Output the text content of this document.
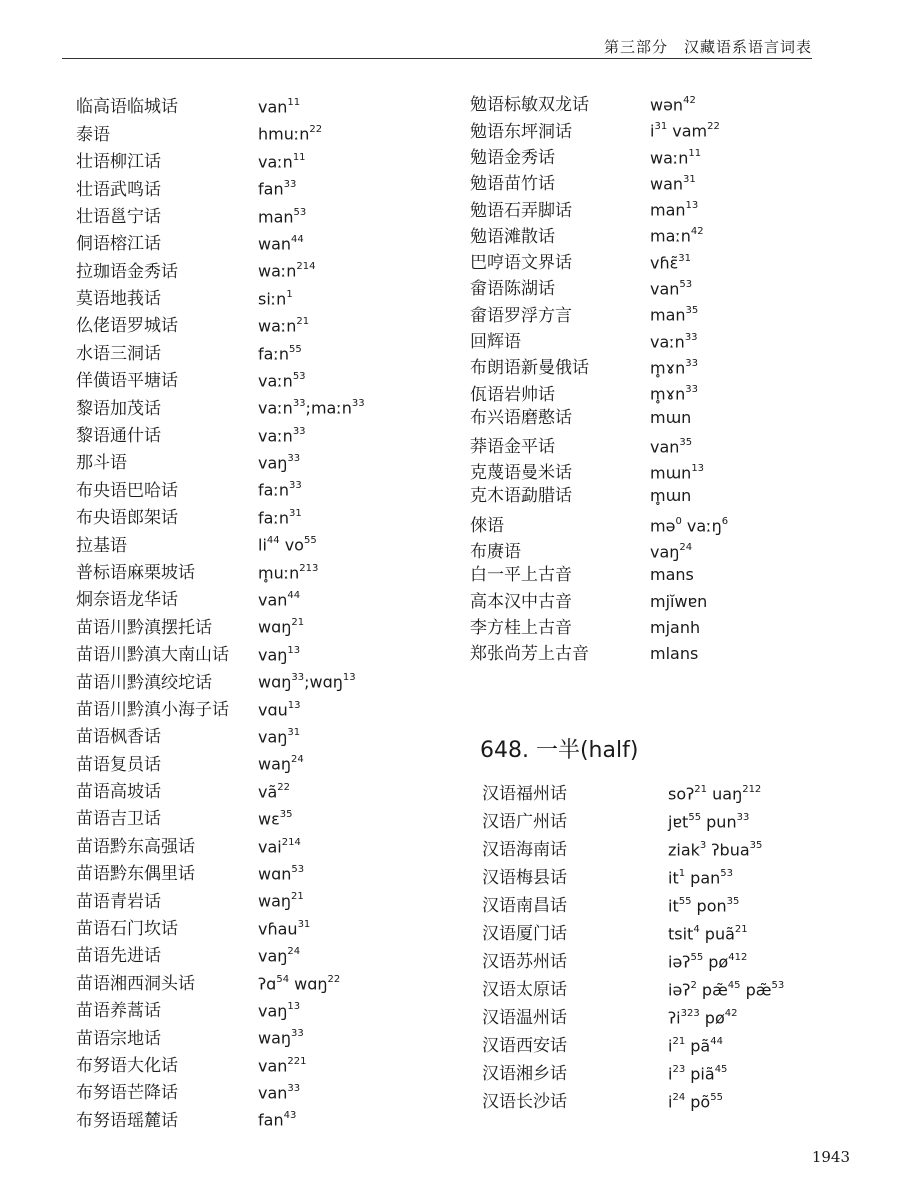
第三部分　汉藏语系语言词表
临高语临城话	van$^{11}$
泰语	hmuːn$^{22}$
壮语柳江话	vaːn$^{11}$
壮语武鸣话	fan$^{33}$
壮语邕宁话	man$^{53}$
侗语榕江话	wan$^{44}$
拉珈语金秀话	waːn$^{214}$
莫语地莪话	siːn$^1$
仫佬语罗城话	waːn$^{21}$
水语三洞话	faːn$^{55}$
佯僙语平塘话	vaːn$^{53}$
黎语加茂话	vaːn$^{33}$;maːn$^{33}$
黎语通什话	vaːn$^{33}$
那斗语	vaŋ$^{33}$
布央语巴哈话	faːn$^{33}$
布央语郎架话	faːn$^{31}$
拉基语	$li^{44}$ $vo^{55}$
普标语麻栗坡话	m̥uːn$^{213}$
炯奈语龙华话	van$^{44}$
苗语川黔滇摆托话	wɑŋ$^{21}$
苗语川黔滇大南山话	vaŋ$^{13}$
苗语川黔滇绞坨话	wɑŋ$^{33}$;wɑŋ$^{13}$
苗语川黔滇小海子话	vɑu$^{13}$
苗语枫香话	vaŋ$^{31}$
苗语复员话	waŋ$^{24}$
苗语高坡话	$vã^{22}$
苗语吉卫话	wɛ$^{35}$
苗语黔东高强话	vai$^{214}$
苗语黔东偶里话	wɑn$^{53}$
苗语青岩话	waŋ$^{21}$
苗语石门坎话	vɦau$^{31}$
苗语先进话	vaŋ$^{24}$
苗语湘西洞头话	ʔɑ$^{54}$ wɑŋ$^{22}$
苗语养蒿话	vaŋ$^{13}$
苗语宗地话	waŋ$^{33}$
布努语大化话	van$^{221}$
布努语芒降话	van$^{33}$
布努语瑶麓话	fan$^{43}$
勉语标敏双龙话	wən$^{42}$
勉语东坪洞话	$i^{31}$ vam$^{22}$
勉语金秀话	waːn$^{11}$
勉语苗竹话	wan$^{31}$
勉语石弄脚话	man$^{13}$
勉语滩散话	maːn$^{42}$
巴哼语文界话	vɦɛ̃$^{31}$
畲语陈湖话	van$^{53}$
畲语罗浮方言	man$^{35}$
回辉语	vaːn$^{33}$
布朗语新曼俄话	m̥ɤn$^{33}$
佤语岩帅话	m̥ɤn$^{33}$
布兴语磨憨话	mɯn
莽语金平话	van$^{35}$
克蔑语曼米话	mɯn$^{13}$
克木语勐腊话	m̥ɯn
倈语	mə$^0$ vaːŋ$^6$
布赓语	vaŋ$^{24}$
白一平上古音	mans
高本汉中古音	mjĭwɐn
李方桂上古音	mjanh
郑张尚芳上古音	mlans
648. 一半(half)
汉语福州话	soʔ$^{21}$ uaŋ$^{212}$
汉语广州话	jɐt$^{55}$ pun$^{33}$
汉语海南话	ziak$^3$ ʔbua$^{35}$
汉语梅县话	$it^1$ pan$^{53}$
汉语南昌话	$it^{55}$ pon$^{35}$
汉语厦门话	tsit$^4$ puã$^{21}$
汉语苏州话	iəʔ$^{55}$ $pø^{412}$
汉语太原话	iəʔ$^2$ pæ̃$^{45}$ pæ̃$^{53}$
汉语温州话	ʔi$^{323}$ $pø^{42}$
汉语西安话	$i^{21}$ $pã^{44}$
汉语湘乡话	$i^{23}$ piã$^{45}$
汉语长沙话	$i^{24}$ $põ^{55}$
1943
